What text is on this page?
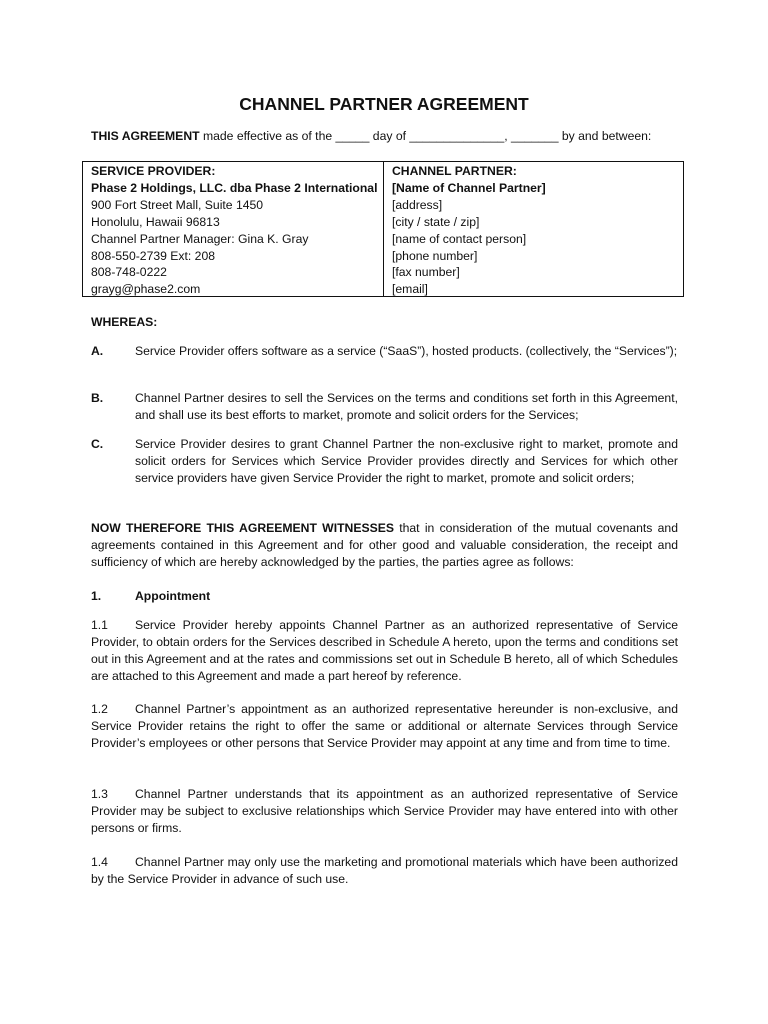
CHANNEL PARTNER AGREEMENT
THIS AGREEMENT made effective as of the _____ day of ______________, _______ by and between:
SERVICE PROVIDER:
Phase 2 Holdings, LLC. dba Phase 2 International
900 Fort Street Mall, Suite 1450
Honolulu, Hawaii 96813
Channel Partner Manager: Gina K. Gray
808-550-2739 Ext: 208
808-748-0222
grayg@phase2.com
CHANNEL PARTNER:
[Name of Channel Partner]
[address]
[city / state / zip]
[name of contact person]
[phone number]
[fax number]
[email]
WHEREAS:
A.	Service Provider offers software as a service (“SaaS”), hosted products. (collectively, the “Services”);
B.	Channel Partner desires to sell the Services on the terms and conditions set forth in this Agreement, and shall use its best efforts to market, promote and solicit orders for the Services;
C.	Service Provider desires to grant Channel Partner the non-exclusive right to market, promote and solicit orders for Services which Service Provider provides directly and Services for which other service providers have given Service Provider the right to market, promote and solicit orders;
NOW THEREFORE THIS AGREEMENT WITNESSES that in consideration of the mutual covenants and agreements contained in this Agreement and for other good and valuable consideration, the receipt and sufficiency of which are hereby acknowledged by the parties, the parties agree as follows:
1.	Appointment
1.1 Service Provider hereby appoints Channel Partner as an authorized representative of Service Provider, to obtain orders for the Services described in Schedule A hereto, upon the terms and conditions set out in this Agreement and at the rates and commissions set out in Schedule B hereto, all of which Schedules are attached to this Agreement and made a part hereof by reference.
1.2 Channel Partner’s appointment as an authorized representative hereunder is non-exclusive, and Service Provider retains the right to offer the same or additional or alternate Services through Service Provider’s employees or other persons that Service Provider may appoint at any time and from time to time.
1.3 Channel Partner understands that its appointment as an authorized representative of Service Provider may be subject to exclusive relationships which Service Provider may have entered into with other persons or firms.
1.4 Channel Partner may only use the marketing and promotional materials which have been authorized by the Service Provider in advance of such use.
